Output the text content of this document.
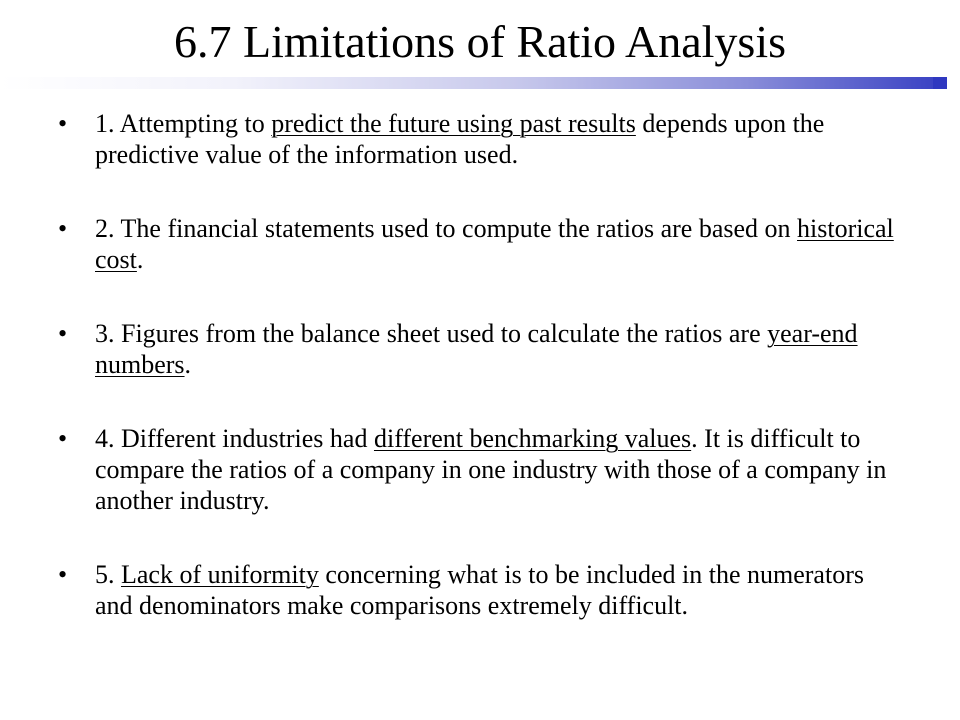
6.7 Limitations of Ratio Analysis
• 1. Attempting to predict the future using past results depends upon the predictive value of the information used.
• 2. The financial statements used to compute the ratios are based on historical cost.
• 3. Figures from the balance sheet used to calculate the ratios are year-end numbers.
• 4. Different industries had different benchmarking values. It is difficult to compare the ratios of a company in one industry with those of a company in another industry.
• 5. Lack of uniformity concerning what is to be included in the numerators and denominators make comparisons extremely difficult.
